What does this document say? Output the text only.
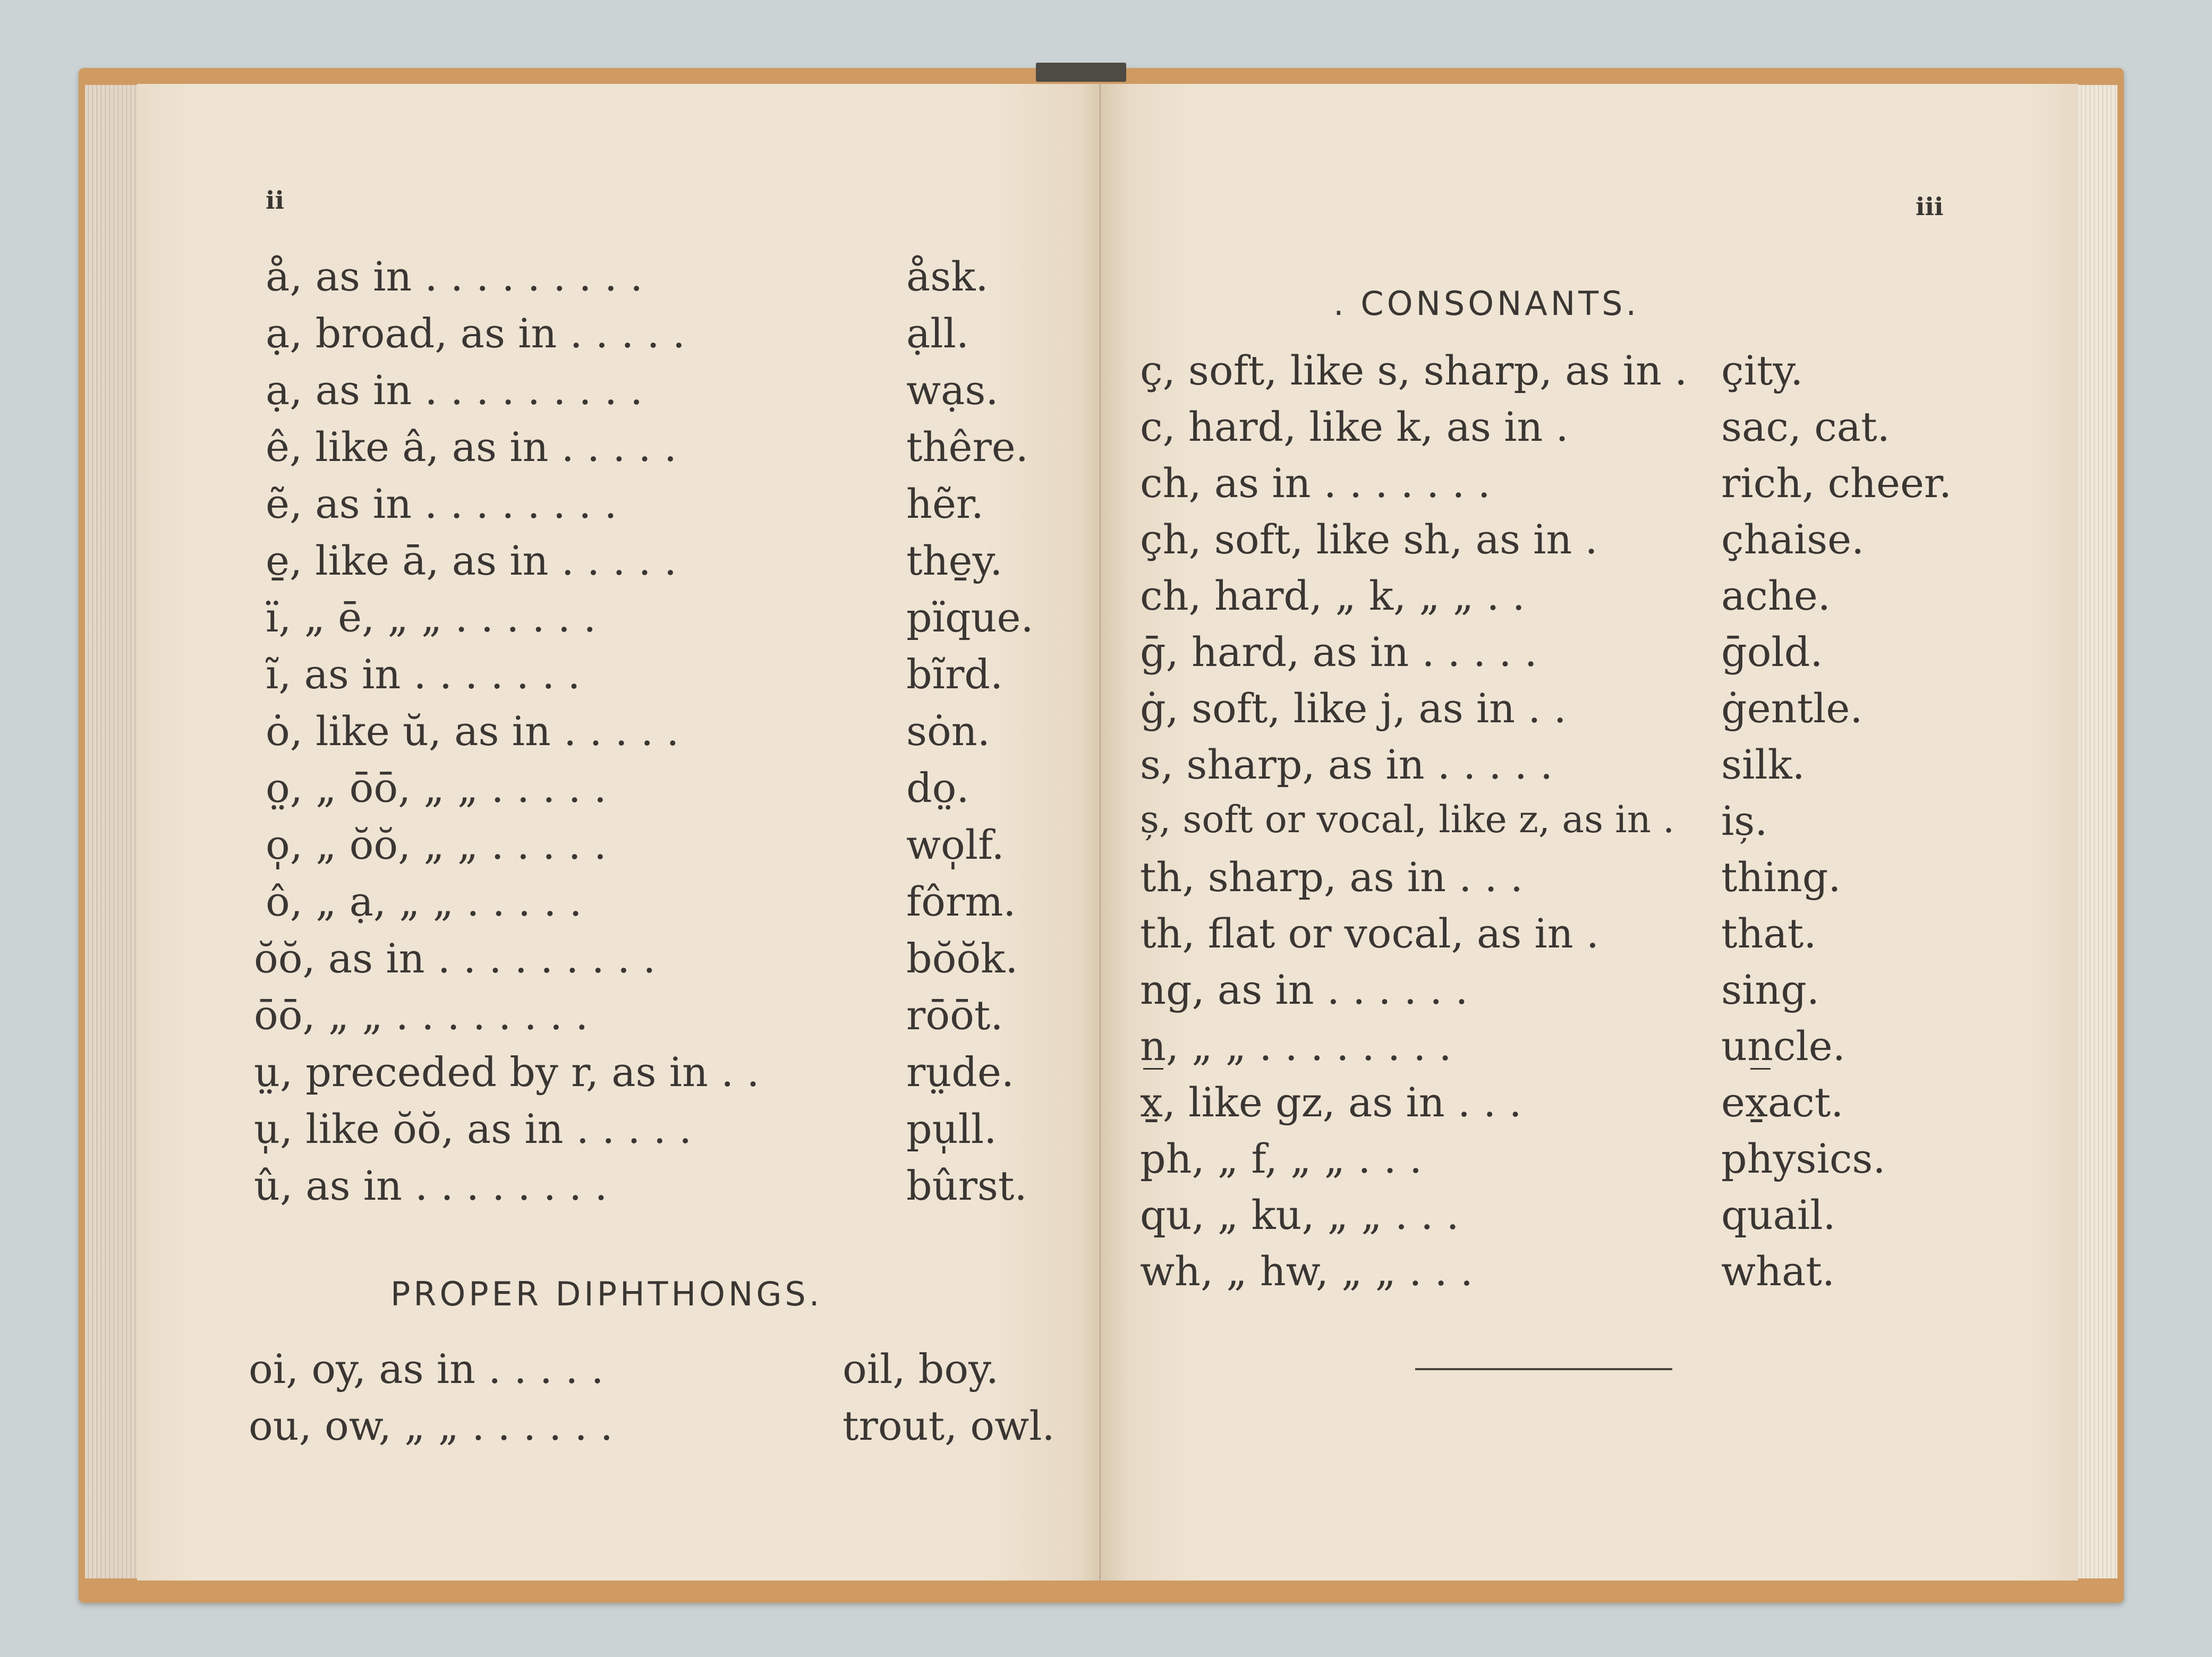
ii
å, as in . . . . . . . . .	åsk.
ạ, broad, as in . . . . .	ạll.
ạ, as in . . . . . . . . .	wạs.
ê, like â, as in . . . . .	thêre.
ẽ, as in . . . . . . . .	hẽr.
e̱, like ā, as in . . . . .	the̱y.
ï, „ ē, „ „ . . . . . .	pïque.
ĩ, as in . . . . . . .	bĩrd.
ȯ, like ŭ, as in . . . . .	sȯn.
o̤, „ ōō, „ „ . . . . .	do̤.
o̩, „ ŏŏ, „ „ . . . . .	wo̩lf.
ô, „ ạ, „ „ . . . . .	fôrm.
ŏŏ, as in . . . . . . . . .	bŏŏk.
ōō, „ „ . . . . . . . .	rōōt.
ṳ, preceded by r, as in . .	rṳde.
u̩, like ŏŏ, as in . . . . .	pu̩ll.
û, as in . . . . . . . .	bûrst.
PROPER DIPHTHONGS.
oi, oy, as in . . . . .	oil, boy.
ou, ow, „ „ . . . . . .	trout, owl.
iii
. CONSONANTS.
ç, soft, like s, sharp, as in . çity.
c, hard, like k, as in .	sac, cat.
ch, as in . . . . . . .	rich, cheer.
çh, soft, like sh, as in .	çhaise.
ch, hard, „ k, „ „ . .	ache.
ḡ, hard, as in . . . . .	ḡold.
ġ, soft, like j, as in . .	ġentle.
s, sharp, as in . . . . .	silk.
ș, soft or vocal, like z, as in . iș.
th, sharp, as in . . .	thing.
th, flat or vocal, as in .	that.
ng, as in . . . . . .	sing.
n̲, „ „ . . . . . . . .	un̲cle.
x̱, like gz, as in . . .	ex̱act.
ph, „ f, „ „ . . .	physics.
qu, „ ku, „ „ . . .	quail.
wh, „ hw, „ „ . . .	what.
